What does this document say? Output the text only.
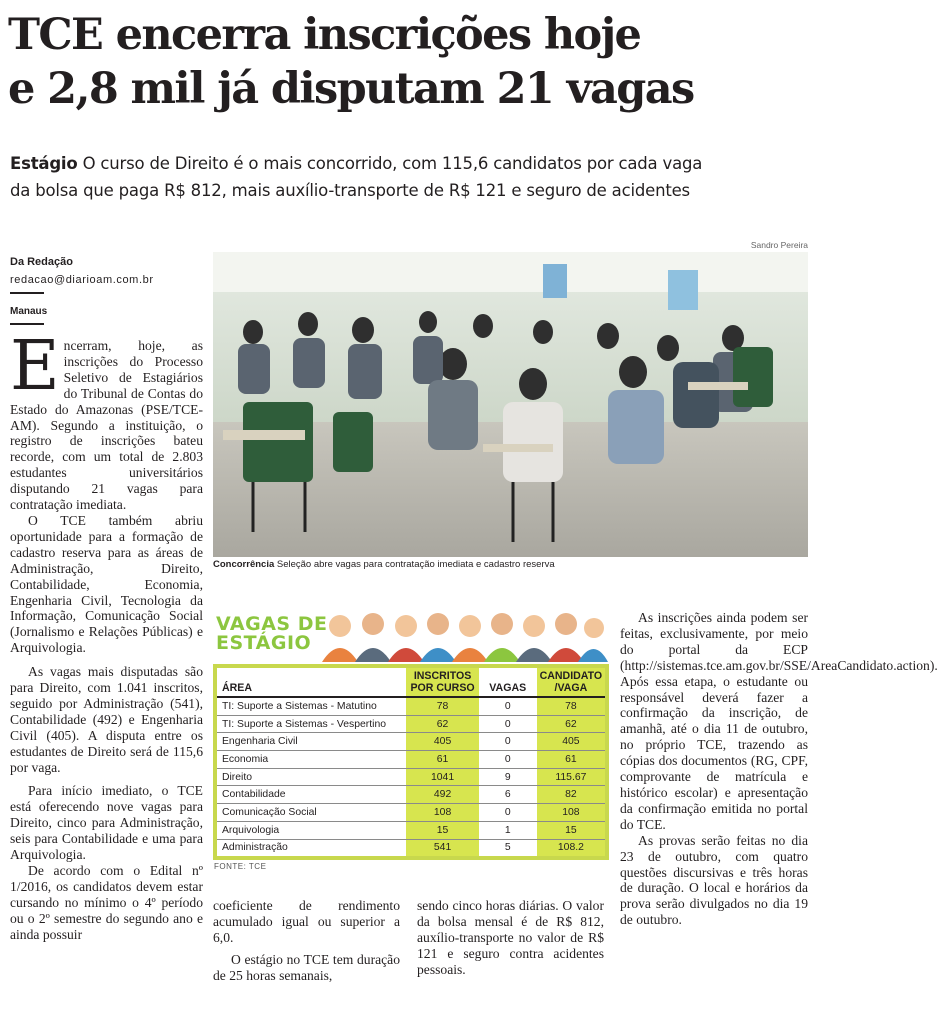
TCE encerra inscrições hoje
e 2,8 mil já disputam 21 vagas

Estágio O curso de Direito é o mais concorrido, com 115,6 candidatos por cada vaga
da bolsa que paga R$ 812, mais auxílio-transporte de R$ 121 e seguro de acidentes

Da Redação
redacao@diarioam.com.br
Manaus

Encerram, hoje, as inscrições do Processo Seletivo de Estagiários do Tribunal de Contas do Estado do Amazonas (PSE/TCE-AM). Segundo a instituição, o registro de inscrições bateu recorde, com um total de 2.803 estudantes universitários disputando 21 vagas para contratação imediata.

O TCE também abriu oportunidade para a formação de cadastro reserva para as áreas de Administração, Direito, Contabilidade, Economia, Engenharia Civil, Tecnologia da Informação, Comunicação Social (Jornalismo e Relações Públicas) e Arquivologia.

As vagas mais disputadas são para Direito, com 1.041 inscritos, seguido por Administração (541), Contabilidade (492) e Engenharia Civil (405). A disputa entre os estudantes de Direito será de 115,6 por vaga.

Para início imediato, o TCE está oferecendo nove vagas para Direito, cinco para Administração, seis para Contabilidade e uma para Arquivologia.

De acordo com o Edital nº 1/2016, os candidatos devem estar cursando no mínimo o 4º período ou o 2º semestre do segundo ano e ainda possuir

Sandro Pereira
Concorrência Seleção abre vagas para contratação imediata e cadastro reserva
VAGAS DE
ESTÁGIO
ÁREA	INSCRITOS POR CURSO	VAGAS	CANDIDATO /VAGA
TI: Suporte a Sistemas - Matutino	78	0	78
TI: Suporte a Sistemas - Vespertino	62	0	62
Engenharia Civil	405	0	405
Economia	61	0	61
Direito	1041	9	115.67
Contabilidade	492	6	82
Comunicação Social	108	0	108
Arquivologia	15	1	15
Administração	541	5	108.2
FONTE: TCE

coeficiente de rendimento acumulado igual ou superior a 6,0.

O estágio no TCE tem duração de 25 horas semanais,

sendo cinco horas diárias. O valor da bolsa mensal é de R$ 812, auxílio-transporte no valor de R$ 121 e seguro contra acidentes pessoais.

As inscrições ainda podem ser feitas, exclusivamente, por meio do portal da ECP (http://sistemas.tce.am.gov.br/SSE/AreaCandidato.action). Após essa etapa, o estudante ou responsável deverá fazer a confirmação da inscrição, de amanhã, até o dia 11 de outubro, no próprio TCE, trazendo as cópias dos documentos (RG, CPF, comprovante de matrícula e histórico escolar) e apresentação da confirmação emitida no portal do TCE.

As provas serão feitas no dia 23 de outubro, com quatro questões discursivas e três horas de duração. O local e horários da prova serão divulgados no dia 19 de outubro.
